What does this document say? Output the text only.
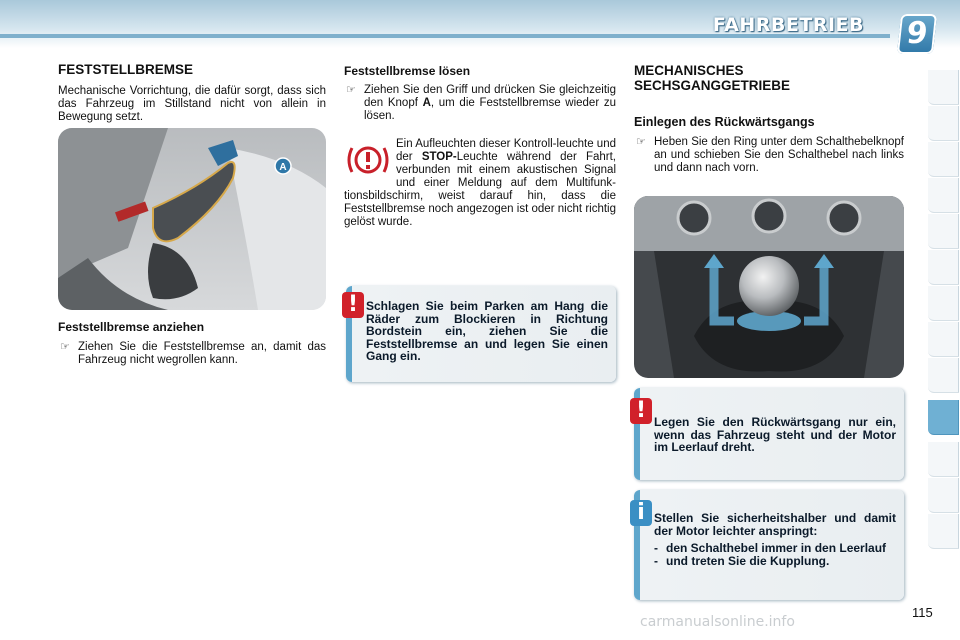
FAHRBETRIEB 9
FESTSTELLBREMSE
Mechanische Vorrichtung, die dafür sorgt, dass sich das Fahrzeug im Stillstand nicht von allein in Bewegung setzt.
A
Feststellbremse anziehen
☞ Ziehen Sie die Feststellbremse an, damit das Fahrzeug nicht wegrollen kann.
Feststellbremse lösen
☞ Ziehen Sie den Griff und drücken Sie gleichzeitig den Knopf A, um die Feststellbremse wieder zu lösen.
Ein Aufleuchten dieser Kontroll-leuchte und der STOP-Leuchte während der Fahrt, verbunden mit einem akustischen Signal und einer Meldung auf dem Multifunk-tionsbildschirm, weist darauf hin, dass die Feststellbremse noch angezogen ist oder nicht richtig gelöst wurde.
Schlagen Sie beim Parken am Hang die Räder zum Blockieren in Richtung Bordstein ein, ziehen Sie die Feststellbremse an und legen Sie einen Gang ein.
!
MECHANISCHES
SECHSGANGGETRIEBE
Einlegen des Rückwärtsgangs
☞ Heben Sie den Ring unter dem Schalthebelknopf an und schieben Sie den Schalthebel nach links und dann nach vorn.
Legen Sie den Rückwärtsgang nur ein, wenn das Fahrzeug steht und der Motor im Leerlauf dreht.
!
Stellen Sie sicherheitshalber und damit der Motor leichter anspringt:
- den Schalthebel immer in den Leerlauf
- und treten Sie die Kupplung.
i
carmanualsonline.info
115
